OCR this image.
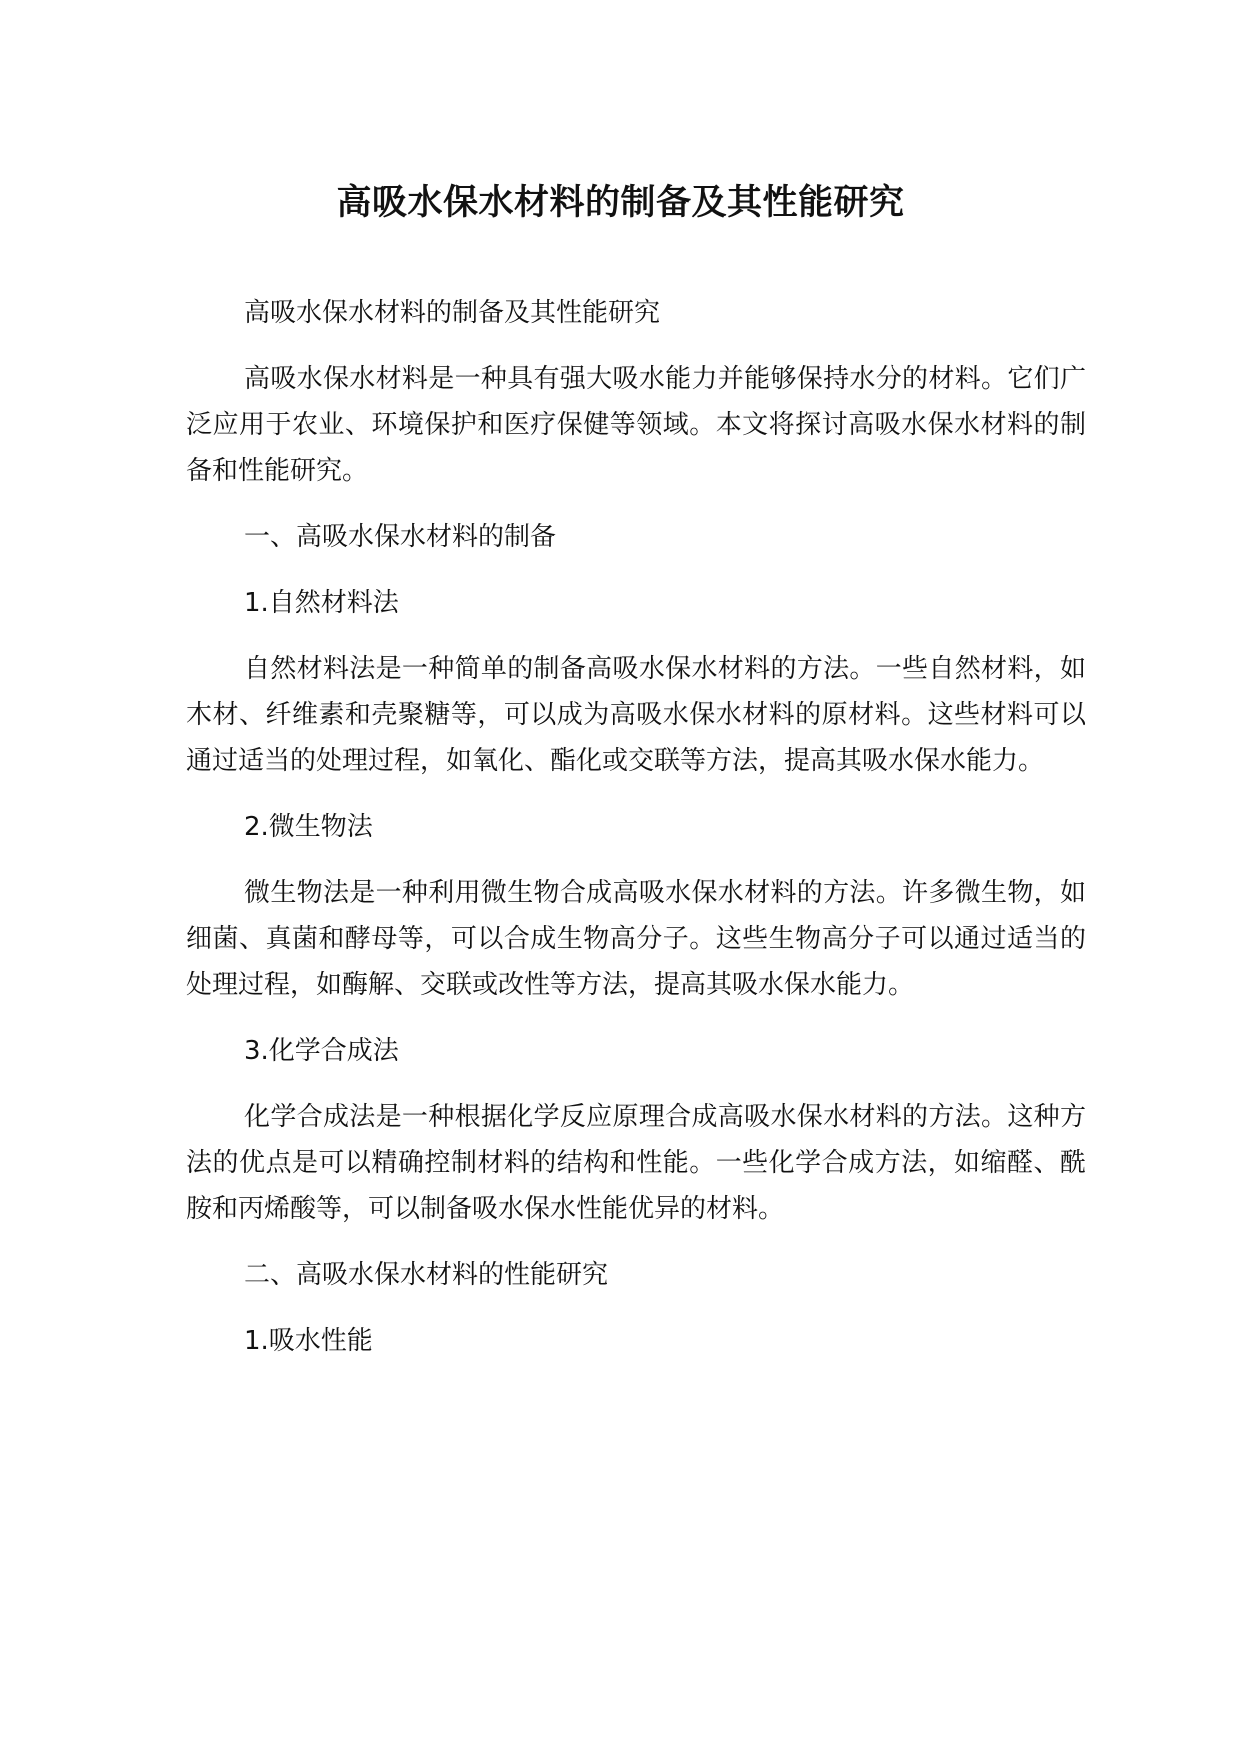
高吸水保水材料的制备及其性能研究

高吸水保水材料的制备及其性能研究

高吸水保水材料是一种具有强大吸水能力并能够保持水分的材料。它们广泛应用于农业、环境保护和医疗保健等领域。本文将探讨高吸水保水材料的制备和性能研究。

一、高吸水保水材料的制备

1.自然材料法

自然材料法是一种简单的制备高吸水保水材料的方法。一些自然材料，如木材、纤维素和壳聚糖等，可以成为高吸水保水材料的原材料。这些材料可以通过适当的处理过程，如氧化、酯化或交联等方法，提高其吸水保水能力。

2.微生物法

微生物法是一种利用微生物合成高吸水保水材料的方法。许多微生物，如细菌、真菌和酵母等，可以合成生物高分子。这些生物高分子可以通过适当的处理过程，如酶解、交联或改性等方法，提高其吸水保水能力。

3.化学合成法

化学合成法是一种根据化学反应原理合成高吸水保水材料的方法。这种方法的优点是可以精确控制材料的结构和性能。一些化学合成方法，如缩醛、酰胺和丙烯酸等，可以制备吸水保水性能优异的材料。

二、高吸水保水材料的性能研究

1.吸水性能
